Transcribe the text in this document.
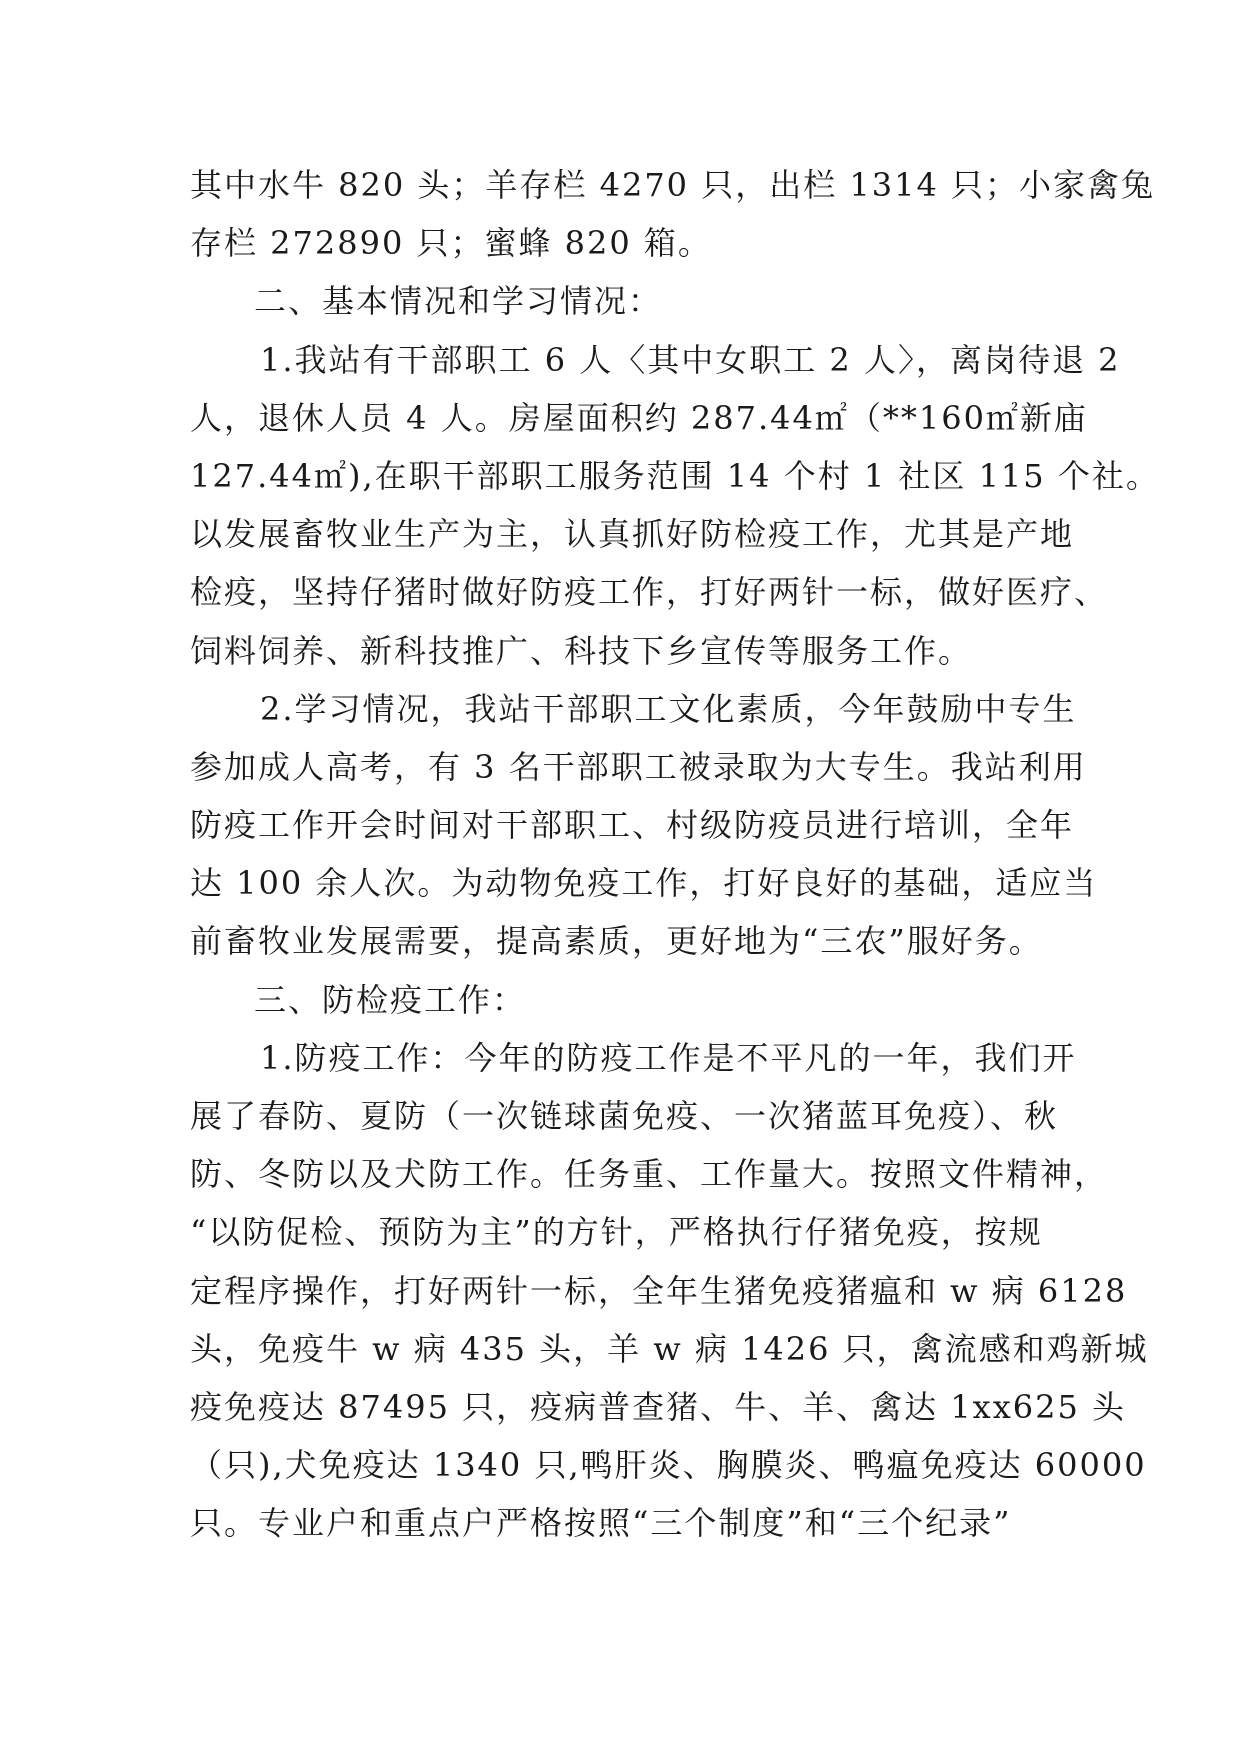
其中水牛 820 头；羊存栏 4270 只，出栏 1314 只；小家禽兔
存栏 272890 只；蜜蜂 820 箱。
二、基本情况和学习情况：
1.我站有干部职工 6 人〈其中女职工 2 人〉，离岗待退 2
人，退休人员 4 人。房屋面积约 287.44㎡（**160㎡新庙
127.44㎡),在职干部职工服务范围 14 个村 1 社区 115 个社。
以发展畜牧业生产为主，认真抓好防检疫工作，尤其是产地
检疫，坚持仔猪时做好防疫工作，打好两针一标，做好医疗、
饲料饲养、新科技推广、科技下乡宣传等服务工作。
2.学习情况，我站干部职工文化素质，今年鼓励中专生
参加成人高考，有 3 名干部职工被录取为大专生。我站利用
防疫工作开会时间对干部职工、村级防疫员进行培训，全年
达 100 余人次。为动物免疫工作，打好良好的基础，适应当
前畜牧业发展需要，提高素质，更好地为“三农”服好务。
三、防检疫工作：
1.防疫工作：今年的防疫工作是不平凡的一年，我们开
展了春防、夏防（一次链球菌免疫、一次猪蓝耳免疫）、秋
防、冬防以及犬防工作。任务重、工作量大。按照文件精神，
“以防促检、预防为主”的方针，严格执行仔猪免疫，按规
定程序操作，打好两针一标，全年生猪免疫猪瘟和 w 病 6128
头，免疫牛 w 病 435 头，羊 w 病 1426 只，禽流感和鸡新城
疫免疫达 87495 只，疫病普查猪、牛、羊、禽达 1xx625 头
（只),犬免疫达 1340 只,鸭肝炎、胸膜炎、鸭瘟免疫达 60000
只。专业户和重点户严格按照“三个制度”和“三个纪录”
